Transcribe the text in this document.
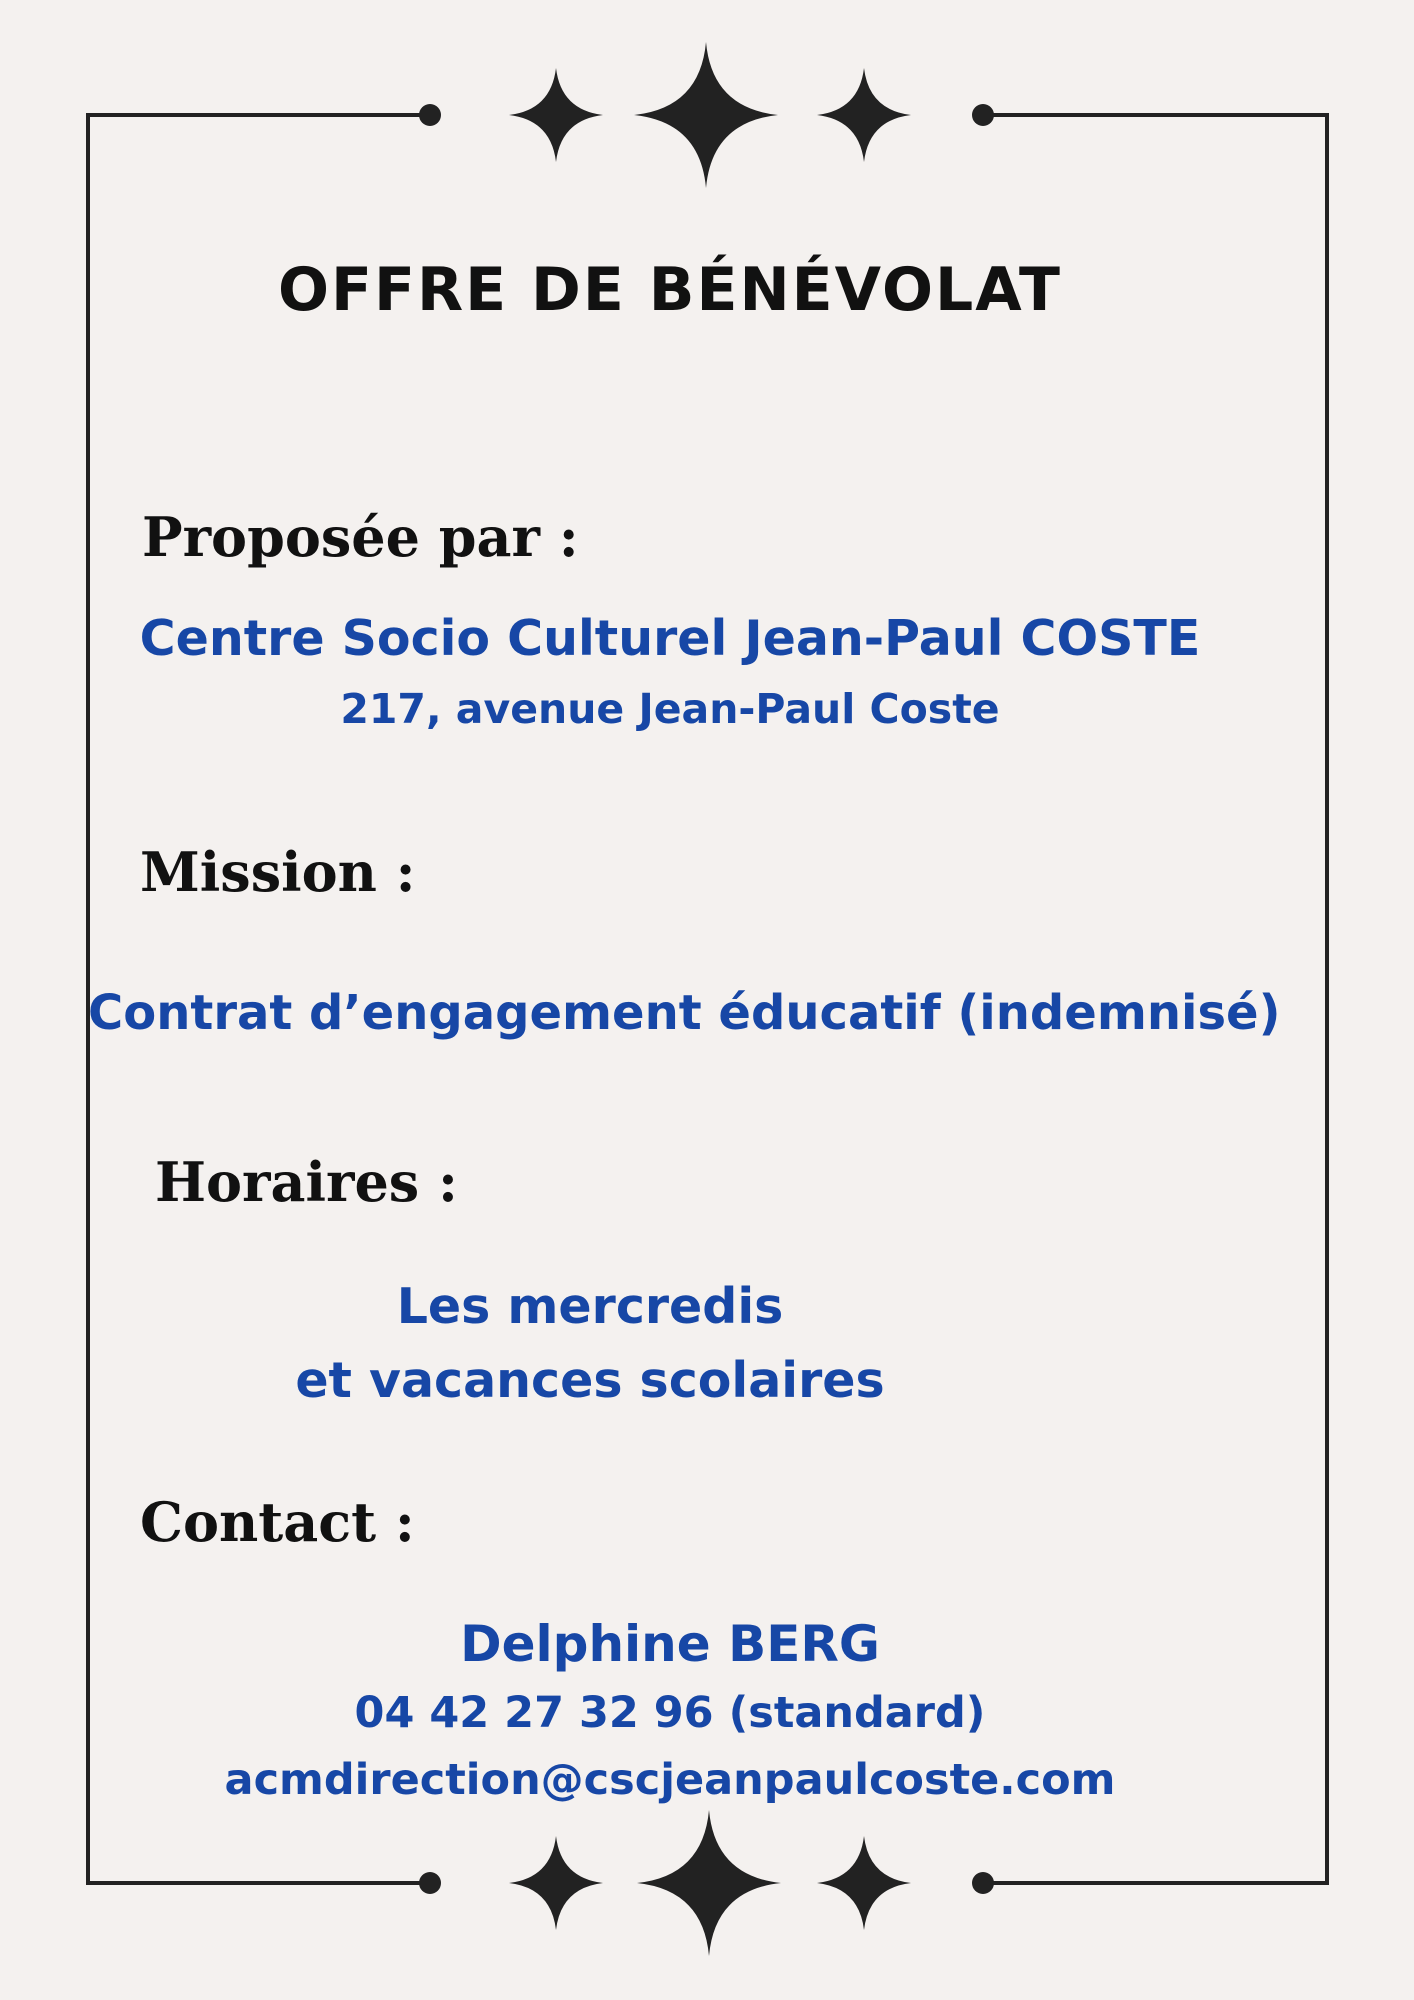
OFFRE DE BÉNÉVOLAT
Proposée par :
Centre Socio Culturel Jean-Paul COSTE
217, avenue Jean-Paul Coste
Mission :
Contrat d’engagement éducatif (indemnisé)
Horaires :
Les mercredis
et vacances scolaires
Contact :
Delphine BERG
04 42 27 32 96 (standard)
acmdirection@cscjeanpaulcoste.com
